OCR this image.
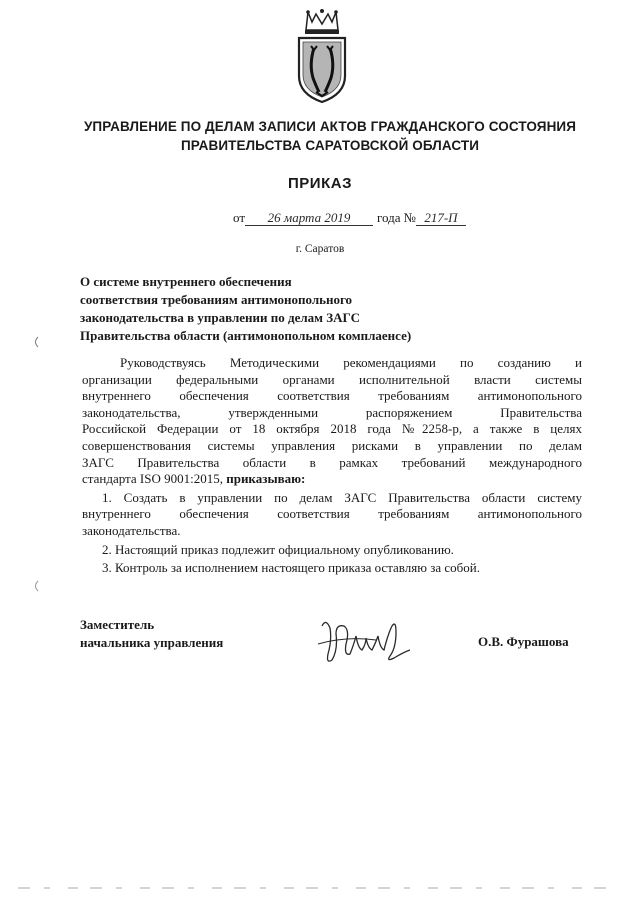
УПРАВЛЕНИЕ ПО ДЕЛАМ ЗАПИСИ АКТОВ ГРАЖДАНСКОГО СОСТОЯНИЯ
ПРАВИТЕЛЬСТВА САРАТОВСКОЙ ОБЛАСТИ
ПРИКАЗ
от	26 марта 2019	года № 217-П
г. Саратов
О системе внутреннего обеспечения
соответствия требованиям антимонопольного
законодательства в управлении по делам ЗАГС
Правительства области (антимонопольном комплаенсе)
Руководствуясь Методическими рекомендациями по созданию и
организации федеральными органами исполнительной власти системы
внутреннего обеспечения соответствия требованиям антимонопольного
законодательства, утвержденными распоряжением Правительства
Российской Федерации от 18 октября 2018 года №2258-р, а также в целях
совершенствования системы управления рисками в управлении по делам
ЗАГС Правительства области в рамках требований международного
стандарта ISO 9001:2015, приказываю:
1. Создать в управлении по делам ЗАГС Правительства области систему
внутреннего обеспечения соответствия требованиям антимонопольного
законодательства.
2. Настоящий приказ подлежит официальному опубликованию.
3. Контроль за исполнением настоящего приказа оставляю за собой.
Заместитель
начальника управления	О.В. Фурашова
